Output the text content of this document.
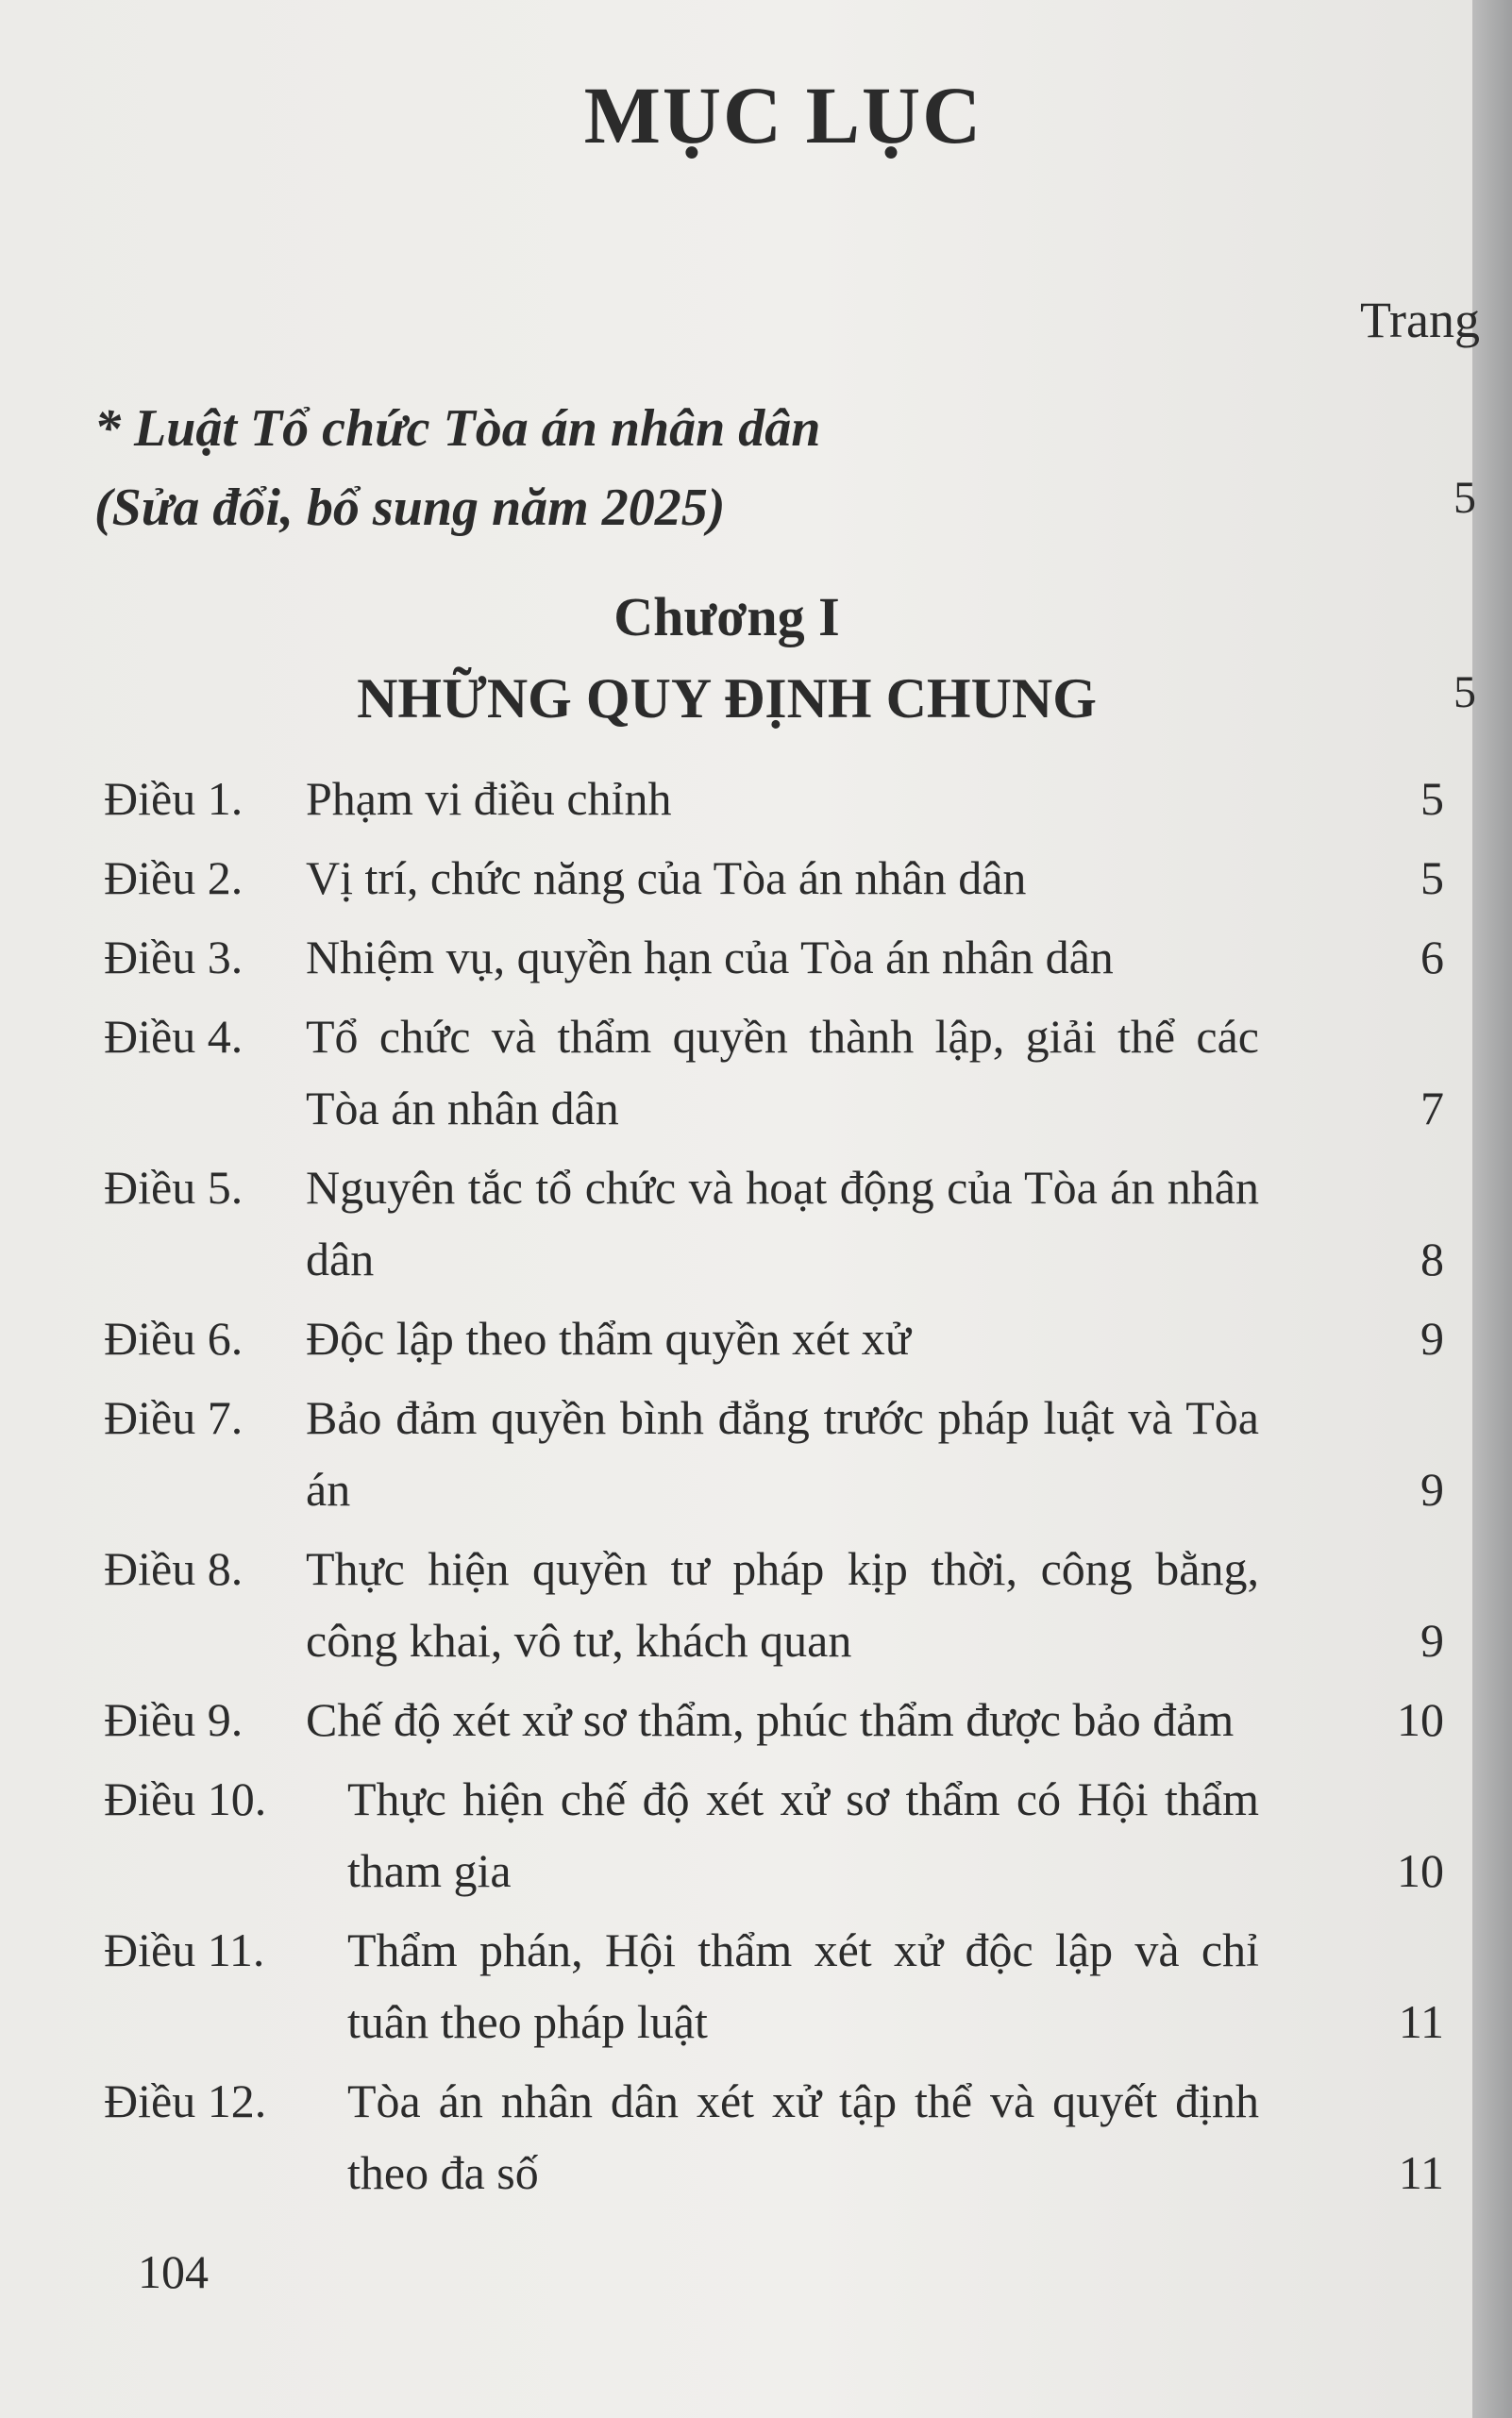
MỤC LỤC
Trang
* Luật Tổ chức Tòa án nhân dân
(Sửa đổi, bổ sung năm 2025)	5
Chương I
NHỮNG QUY ĐỊNH CHUNG	5
Điều 1.	Phạm vi điều chỉnh	5
Điều 2.	Vị trí, chức năng của Tòa án nhân dân	5
Điều 3.	Nhiệm vụ, quyền hạn của Tòa án nhân dân	6
Điều 4.	Tổ chức và thẩm quyền thành lập, giải thể các Tòa án nhân dân	7
Điều 5.	Nguyên tắc tổ chức và hoạt động của Tòa án nhân dân	8
Điều 6.	Độc lập theo thẩm quyền xét xử	9
Điều 7.	Bảo đảm quyền bình đẳng trước pháp luật và Tòa án	9
Điều 8.	Thực hiện quyền tư pháp kịp thời, công bằng, công khai, vô tư, khách quan	9
Điều 9.	Chế độ xét xử sơ thẩm, phúc thẩm được bảo đảm	10
Điều 10.	Thực hiện chế độ xét xử sơ thẩm có Hội thẩm tham gia	10
Điều 11.	Thẩm phán, Hội thẩm xét xử độc lập và chỉ tuân theo pháp luật	11
Điều 12.	Tòa án nhân dân xét xử tập thể và quyết định theo đa số	11
104
